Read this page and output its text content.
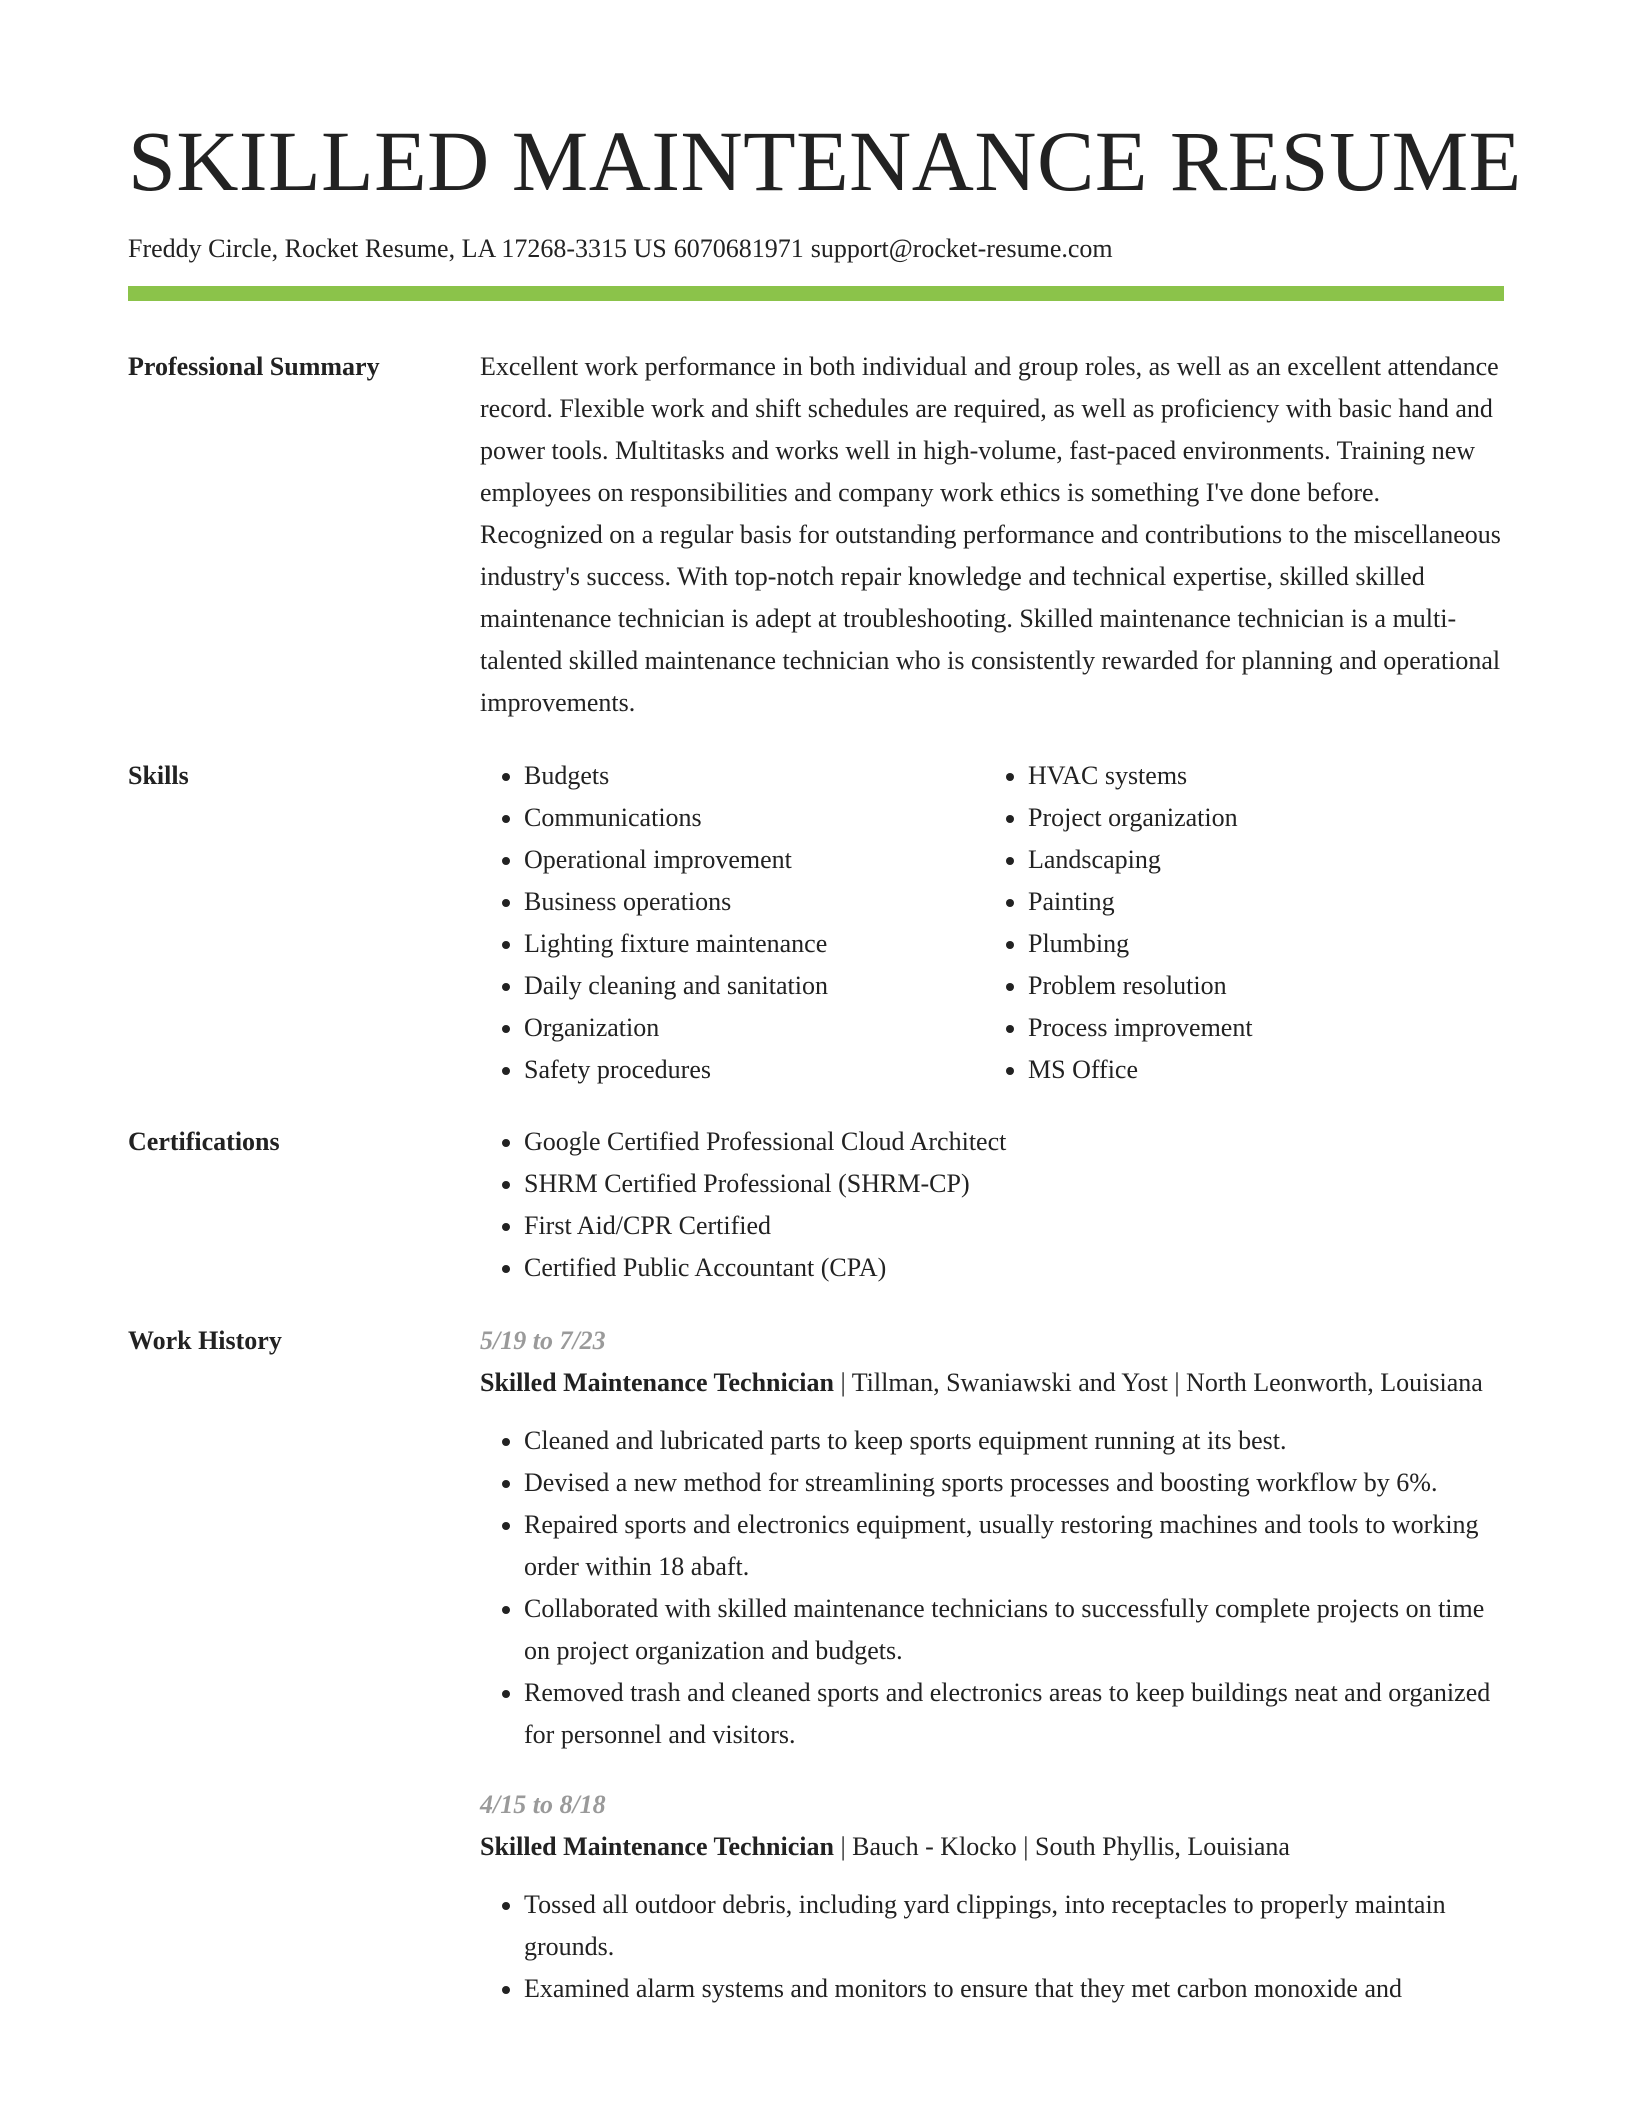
SKILLED MAINTENANCE RESUME
Freddy Circle, Rocket Resume, LA 17268-3315 US 6070681971 support@rocket-resume.com
Professional Summary	Excellent work performance in both individual and group roles, as well as an excellent attendance record. Flexible work and shift schedules are required, as well as proficiency with basic hand and power tools. Multitasks and works well in high-volume, fast-paced environments. Training new employees on responsibilities and company work ethics is something I've done before. Recognized on a regular basis for outstanding performance and contributions to the miscellaneous industry's success. With top-notch repair knowledge and technical expertise, skilled skilled maintenance technician is adept at troubleshooting. Skilled maintenance technician is a multi-talented skilled maintenance technician who is consistently rewarded for planning and operational improvements.

Skills	• Budgets
• Communications
• Operational improvement
• Business operations
• Lighting fixture maintenance
• Daily cleaning and sanitation
• Organization
• Safety procedures
• HVAC systems
• Project organization
• Landscaping
• Painting
• Plumbing
• Problem resolution
• Process improvement
• MS Office
Certifications	• Google Certified Professional Cloud Architect
• SHRM Certified Professional (SHRM-CP)
• First Aid/CPR Certified
• Certified Public Accountant (CPA)
Work History	5/19 to 7/23
Skilled Maintenance Technician | Tillman, Swaniawski and Yost | North Leonworth, Louisiana
• Cleaned and lubricated parts to keep sports equipment running at its best.
• Devised a new method for streamlining sports processes and boosting workflow by 6%.
• Repaired sports and electronics equipment, usually restoring machines and tools to working order within 18 abaft.
• Collaborated with skilled maintenance technicians to successfully complete projects on time on project organization and budgets.
• Removed trash and cleaned sports and electronics areas to keep buildings neat and organized for personnel and visitors.
4/15 to 8/18
Skilled Maintenance Technician | Bauch - Klocko | South Phyllis, Louisiana
• Tossed all outdoor debris, including yard clippings, into receptacles to properly maintain grounds.
• Examined alarm systems and monitors to ensure that they met carbon monoxide and
